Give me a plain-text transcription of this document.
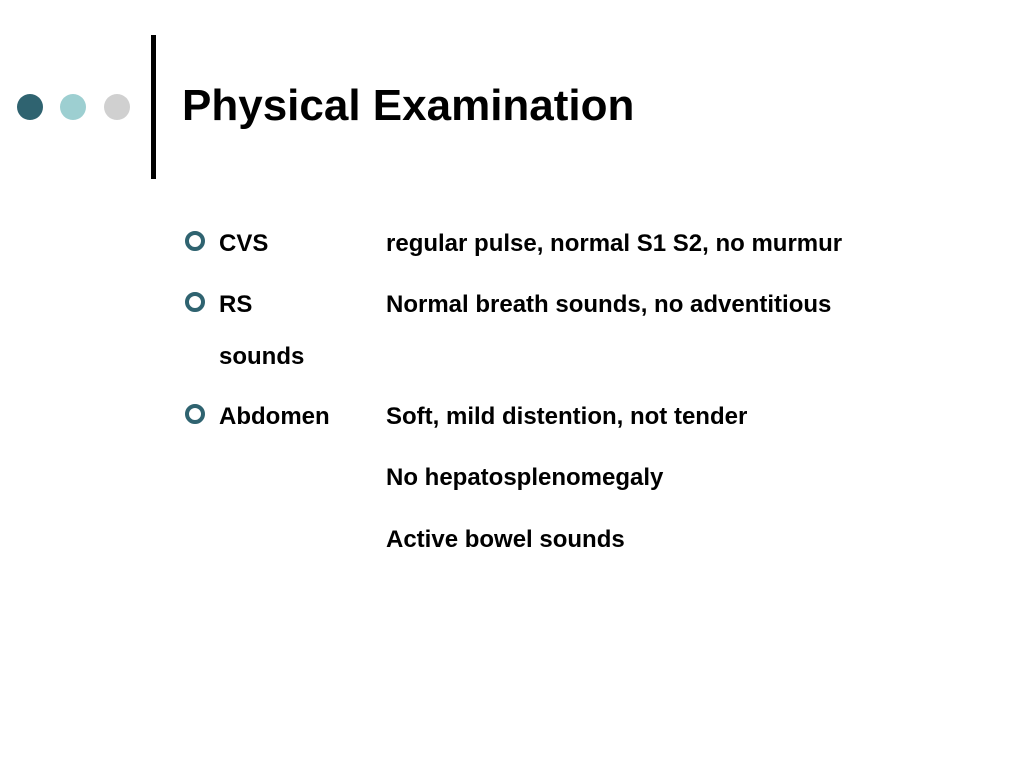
Physical Examination
CVS	regular pulse, normal S1 S2, no murmur
RS	Normal breath sounds, no adventitious
sounds
Abdomen Soft, mild distention, not tender
No hepatosplenomegaly
Active bowel sounds
